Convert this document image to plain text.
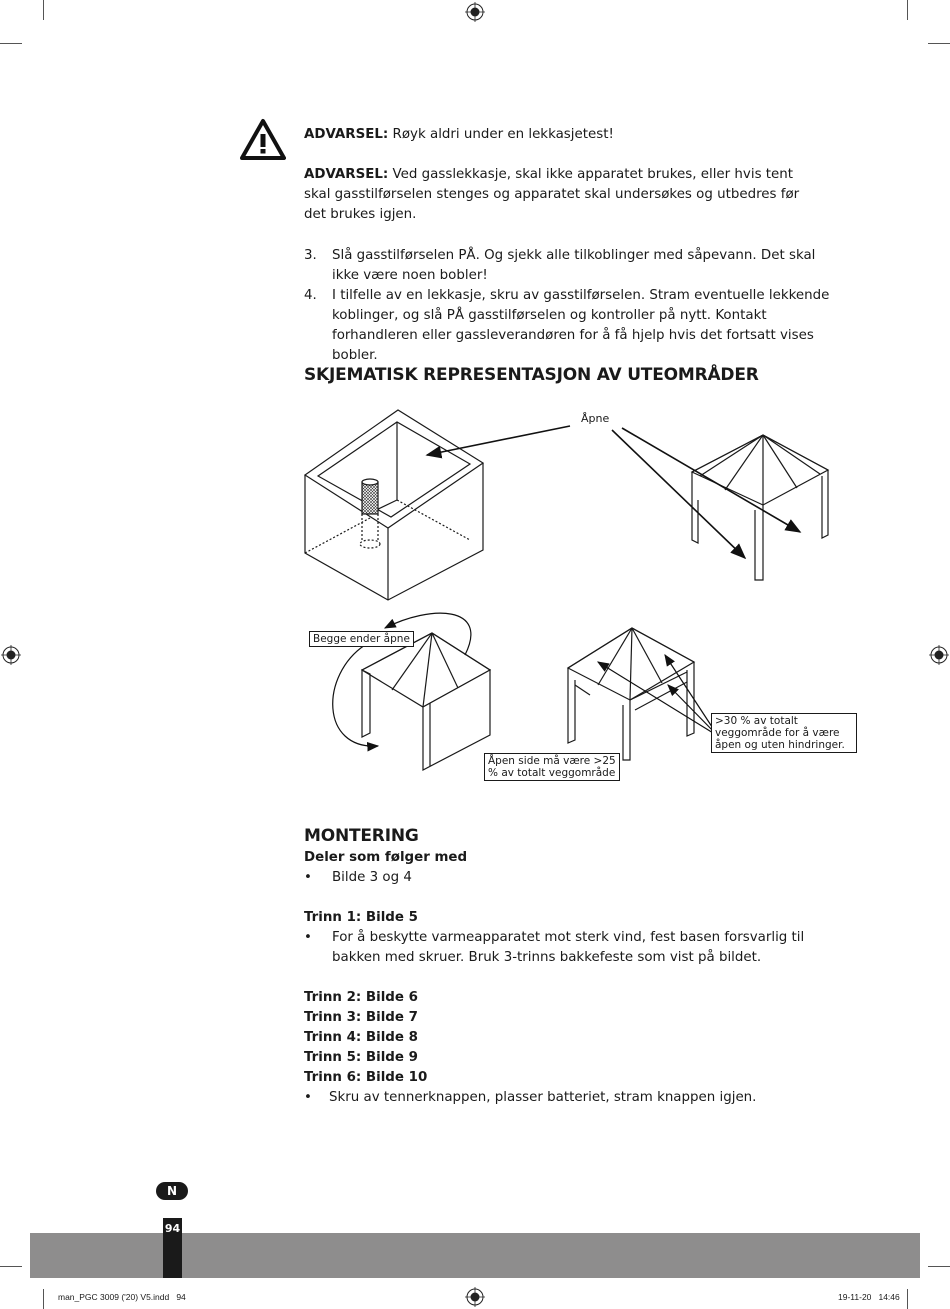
ADVARSEL: Røyk aldri under en lekkasjetest!
ADVARSEL: Ved gasslekkasje, skal ikke apparatet brukes, eller hvis tent skal gasstilførselen stenges og apparatet skal undersøkes og utbedres før det brukes igjen.
3. Slå gasstilførselen PÅ. Og sjekk alle tilkoblinger med såpevann. Det skal ikke være noen bobler!
4. I tilfelle av en lekkasje, skru av gasstilførselen. Stram eventuelle lekkende koblinger, og slå PÅ gasstilførselen og kontroller på nytt. Kontakt forhandleren eller gassleverandøren for å få hjelp hvis det fortsatt vises bobler.
SKJEMATISK REPRESENTASJON AV UTEOMRÅDER
Åpne
Begge ender åpne
Åpen side må være >25 % av totalt veggområde
>30 % av totalt veggområde for å være åpen og uten hindringer.
MONTERING
Deler som følger med
• Bilde 3 og 4
Trinn 1: Bilde 5
• For å beskytte varmeapparatet mot sterk vind, fest basen forsvarlig til bakken med skruer. Bruk 3-trinns bakkefeste som vist på bildet.
Trinn 2: Bilde 6
Trinn 3: Bilde 7
Trinn 4: Bilde 8
Trinn 5: Bilde 9
Trinn 6: Bilde 10
• Skru av tennerknappen, plasser batteriet, stram knappen igjen.
N
94
man_PGC 3009 ('20) V5.indd   94	19-11-20   14:46
